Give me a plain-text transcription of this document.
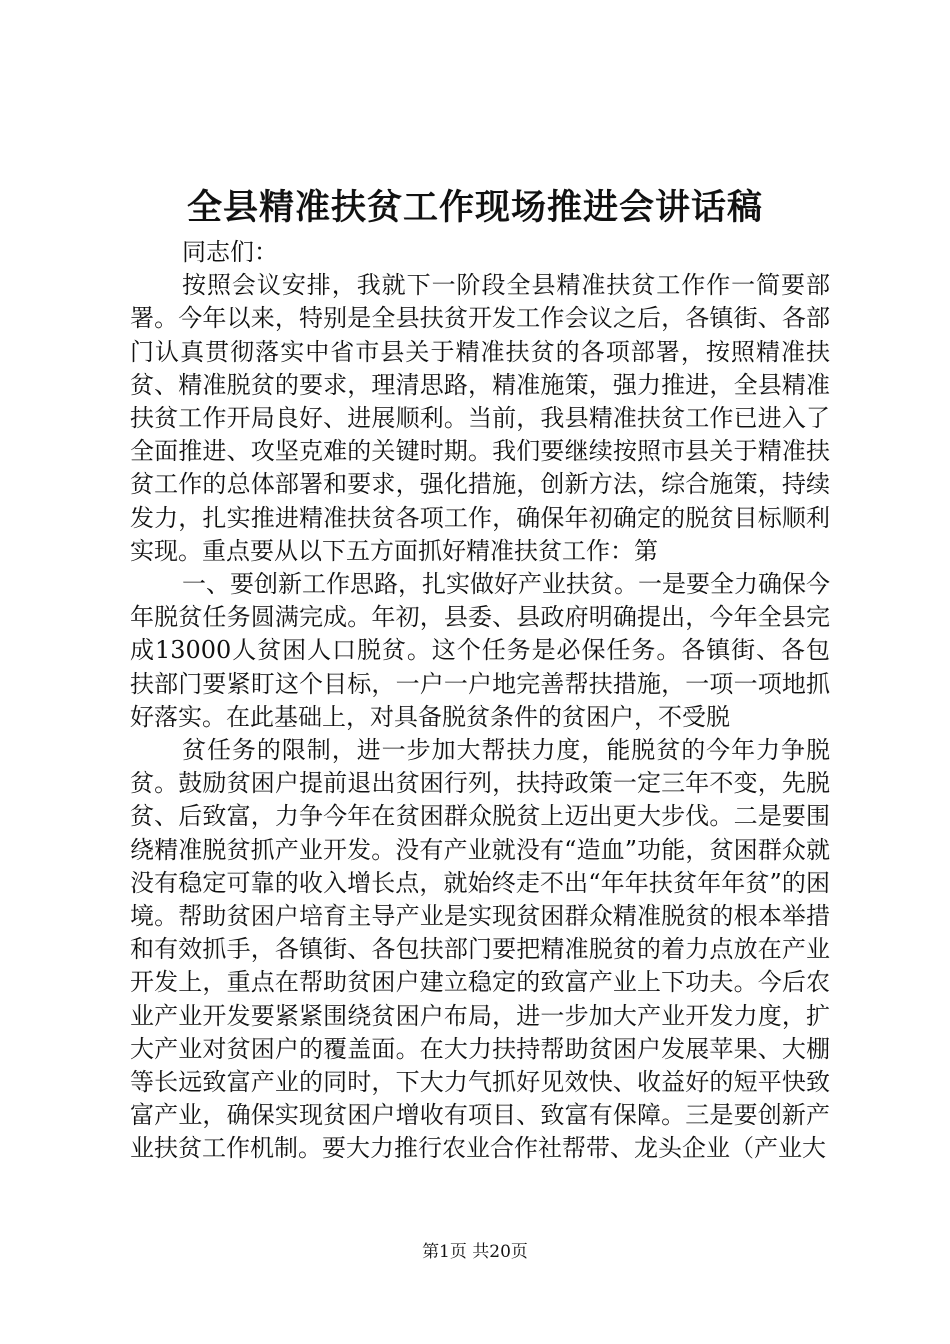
全县精准扶贫工作现场推进会讲话稿

同志们：

按照会议安排，我就下一阶段全县精准扶贫工作作一简要部署。今年以来，特别是全县扶贫开发工作会议之后，各镇街、各部门认真贯彻落实中省市县关于精准扶贫的各项部署，按照精准扶贫、精准脱贫的要求，理清思路，精准施策，强力推进，全县精准扶贫工作开局良好、进展顺利。当前，我县精准扶贫工作已进入了全面推进、攻坚克难的关键时期。我们要继续按照市县关于精准扶贫工作的总体部署和要求，强化措施，创新方法，综合施策，持续发力，扎实推进精准扶贫各项工作，确保年初确定的脱贫目标顺利实现。重点要从以下五方面抓好精准扶贫工作：第

一、要创新工作思路，扎实做好产业扶贫。一是要全力确保今年脱贫任务圆满完成。年初，县委、县政府明确提出，今年全县完成13000人贫困人口脱贫。这个任务是必保任务。各镇街、各包扶部门要紧盯这个目标，一户一户地完善帮扶措施，一项一项地抓好落实。在此基础上，对具备脱贫条件的贫困户，不受脱

贫任务的限制，进一步加大帮扶力度，能脱贫的今年力争脱贫。鼓励贫困户提前退出贫困行列，扶持政策一定三年不变，先脱贫、后致富，力争今年在贫困群众脱贫上迈出更大步伐。二是要围绕精准脱贫抓产业开发。没有产业就没有“造血”功能，贫困群众就没有稳定可靠的收入增长点，就始终走不出“年年扶贫年年贫”的困境。帮助贫困户培育主导产业是实现贫困群众精准脱贫的根本举措和有效抓手，各镇街、各包扶部门要把精准脱贫的着力点放在产业开发上，重点在帮助贫困户建立稳定的致富产业上下功夫。今后农业产业开发要紧紧围绕贫困户布局，进一步加大产业开发力度，扩大产业对贫困户的覆盖面。在大力扶持帮助贫困户发展苹果、大棚等长远致富产业的同时，下大力气抓好见效快、收益好的短平快致富产业，确保实现贫困户增收有项目、致富有保障。三是要创新产业扶贫工作机制。要大力推行农业合作社帮带、龙头企业（产业大

第1页 共20页
